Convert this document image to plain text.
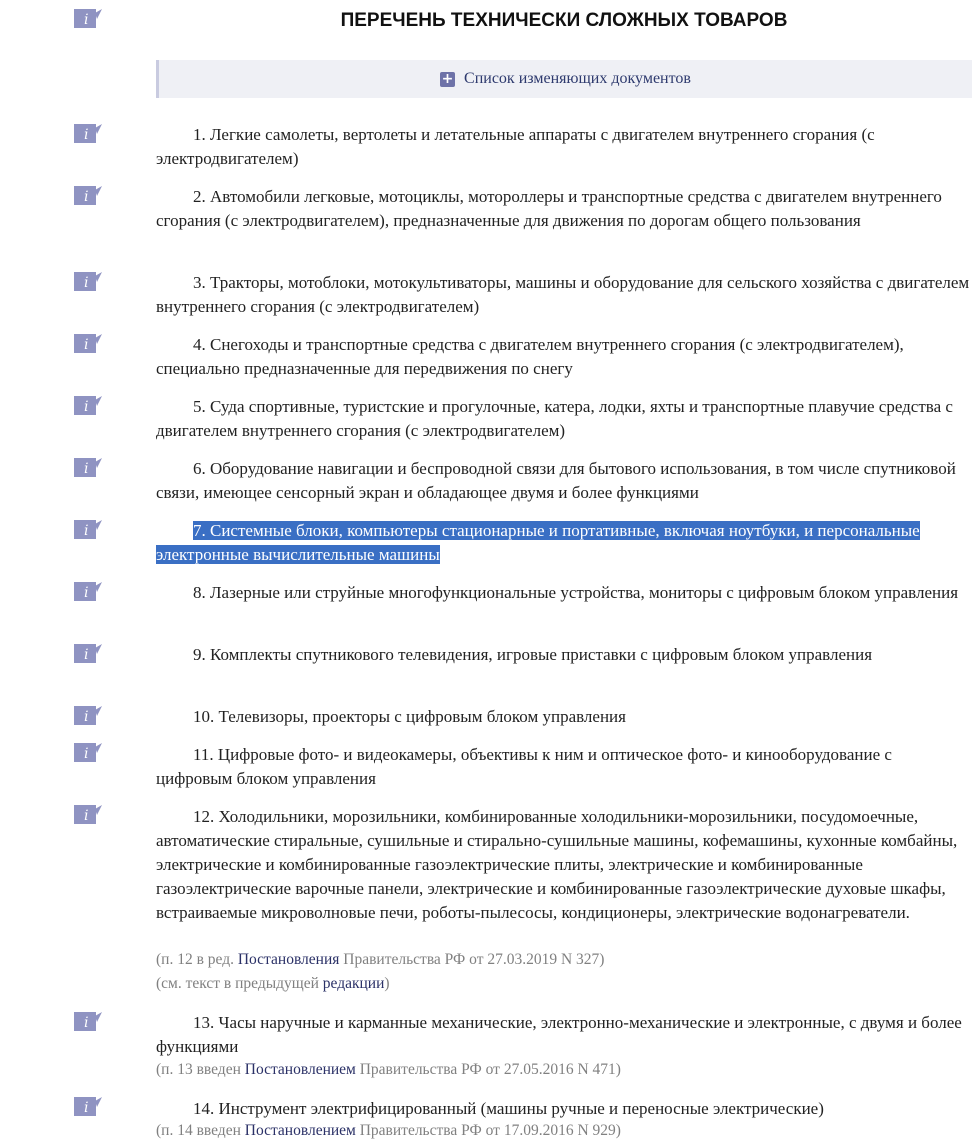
i
i
i
i
i
i
i
i
i
i
i
i
i
i
i
ПЕРЕЧЕНЬ ТЕХНИЧЕСКИ СЛОЖНЫХ ТОВАРОВ
+ Список изменяющих документов

1. Легкие самолеты, вертолеты и летательные аппараты с двигателем внутреннего сгорания (с электродвигателем)

2. Автомобили легковые, мотоциклы, мотороллеры и транспортные средства с двигателем внутреннего сгорания (с электродвигателем), предназначенные для движения по дорогам общего пользования

3. Тракторы, мотоблоки, мотокультиваторы, машины и оборудование для сельского хозяйства с двигателем внутреннего сгорания (с электродвигателем)

4. Снегоходы и транспортные средства с двигателем внутреннего сгорания (с электродвигателем), специально предназначенные для передвижения по снегу

5. Суда спортивные, туристские и прогулочные, катера, лодки, яхты и транспортные плавучие средства с двигателем внутреннего сгорания (с электродвигателем)

6. Оборудование навигации и беспроводной связи для бытового использования, в том числе спутниковой связи, имеющее сенсорный экран и обладающее двумя и более функциями

7. Системные блоки, компьютеры стационарные и портативные, включая ноутбуки, и персональные электронные вычислительные машины

8. Лазерные или струйные многофункциональные устройства, мониторы с цифровым блоком управления

9. Комплекты спутникового телевидения, игровые приставки с цифровым блоком управления

10. Телевизоры, проекторы с цифровым блоком управления

11. Цифровые фото- и видеокамеры, объективы к ним и оптическое фото- и кинооборудование с цифровым блоком управления

12. Холодильники, морозильники, комбинированные холодильники-морозильники, посудомоечные, автоматические стиральные, сушильные и стирально-сушильные машины, кофемашины, кухонные комбайны, электрические и комбинированные газоэлектрические плиты, электрические и комбинированные газоэлектрические варочные панели, электрические и комбинированные газоэлектрические духовые шкафы, встраиваемые микроволновые печи, роботы-пылесосы, кондиционеры, электрические водонагреватели.

(п. 12 в ред. Постановления Правительства РФ от 27.03.2019 N 327)

(см. текст в предыдущей редакции)

13. Часы наручные и карманные механические, электронно-механические и электронные, с двумя и более функциями

(п. 13 введен Постановлением Правительства РФ от 27.05.2016 N 471)

14. Инструмент электрифицированный (машины ручные и переносные электрические)

(п. 14 введен Постановлением Правительства РФ от 17.09.2016 N 929)
